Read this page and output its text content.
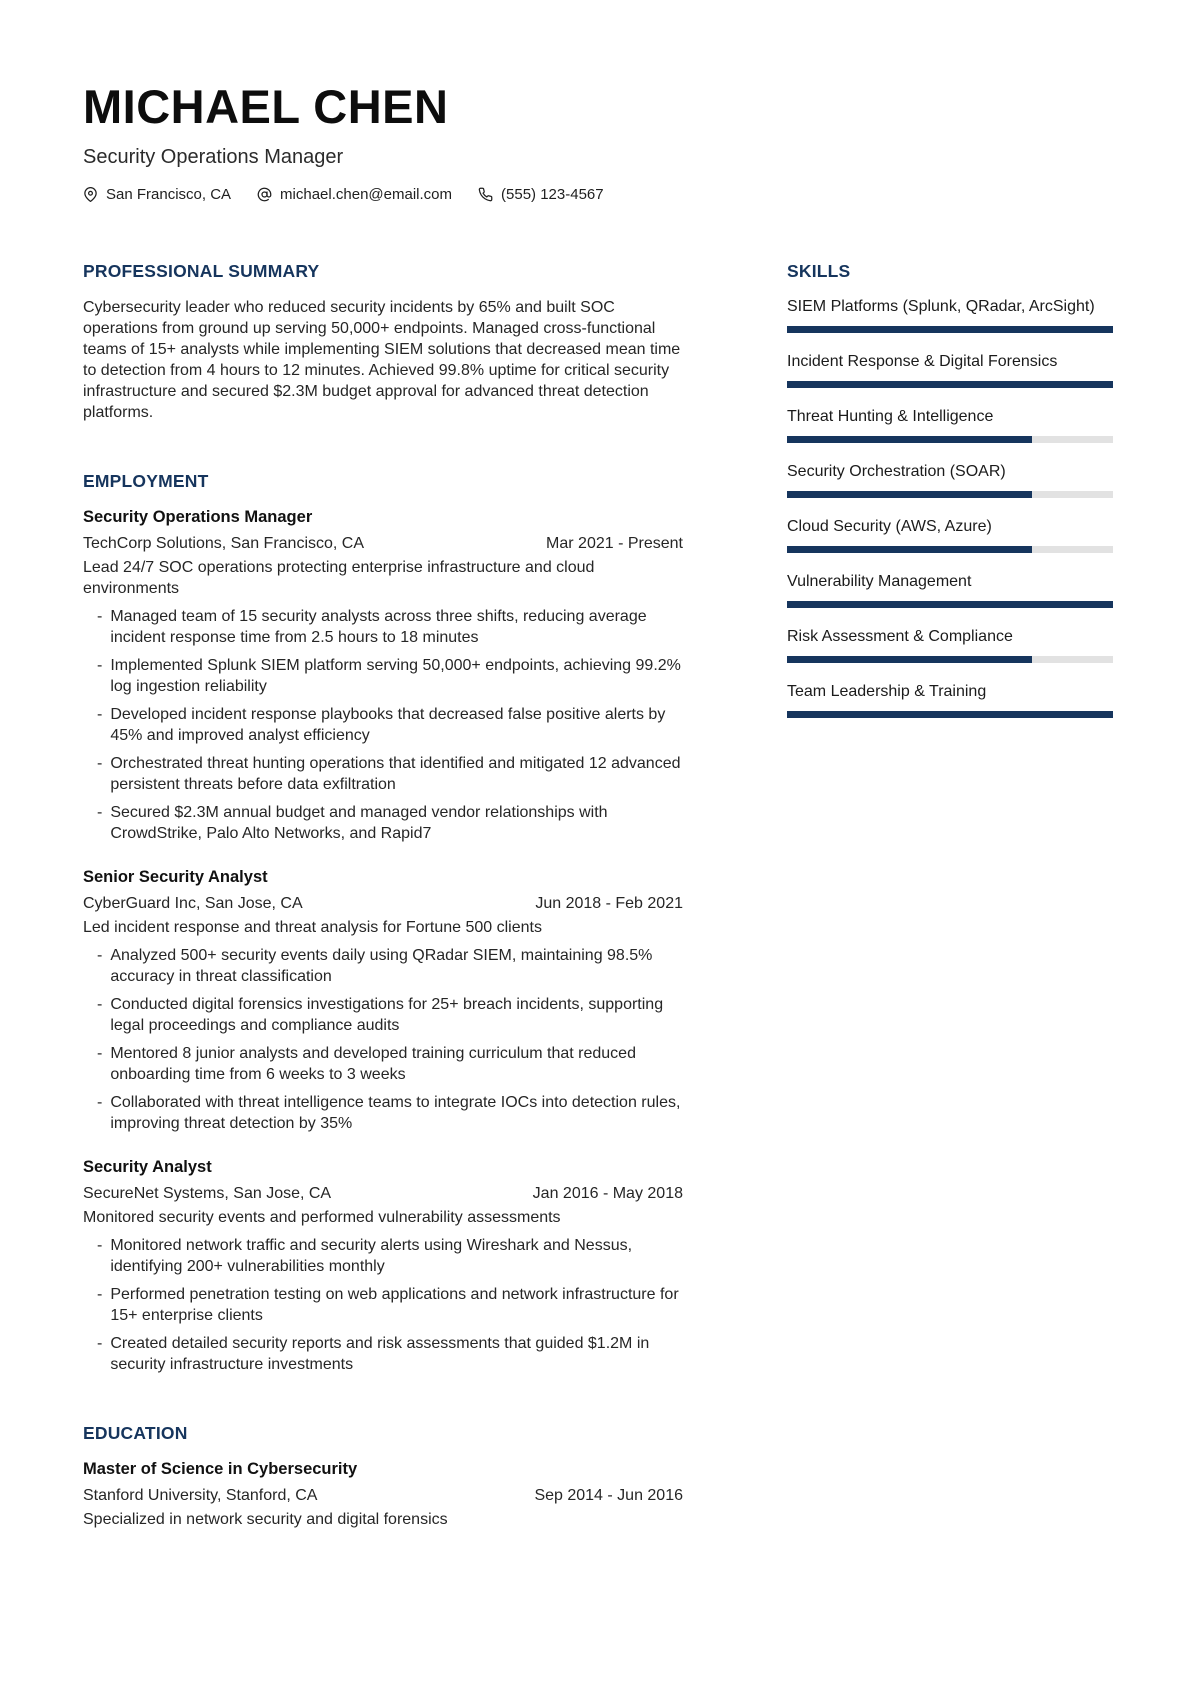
MICHAEL CHEN
Security Operations Manager
San Francisco, CA	michael.chen@email.com	(555) 123-4567
PROFESSIONAL SUMMARY

Cybersecurity leader who reduced security incidents by 65% and built SOC operations from ground up serving 50,000+ endpoints. Managed cross-functional teams of 15+ analysts while implementing SIEM solutions that decreased mean time to detection from 4 hours to 12 minutes. Achieved 99.8% uptime for critical security infrastructure and secured $2.3M budget approval for advanced threat detection platforms.

EMPLOYMENT
Security Operations Manager
TechCorp Solutions, San Francisco, CA	Mar 2021 - Present

Lead 24/7 SOC operations protecting enterprise infrastructure and cloud environments

- Managed team of 15 security analysts across three shifts, reducing average incident response time from 2.5 hours to 18 minutes
- Implemented Splunk SIEM platform serving 50,000+ endpoints, achieving 99.2% log ingestion reliability
- Developed incident response playbooks that decreased false positive alerts by 45% and improved analyst efficiency
- Orchestrated threat hunting operations that identified and mitigated 12 advanced persistent threats before data exfiltration
- Secured $2.3M annual budget and managed vendor relationships with CrowdStrike, Palo Alto Networks, and Rapid7
Senior Security Analyst
CyberGuard Inc, San Jose, CA	Jun 2018 - Feb 2021

Led incident response and threat analysis for Fortune 500 clients

- Analyzed 500+ security events daily using QRadar SIEM, maintaining 98.5% accuracy in threat classification
- Conducted digital forensics investigations for 25+ breach incidents, supporting legal proceedings and compliance audits
- Mentored 8 junior analysts and developed training curriculum that reduced onboarding time from 6 weeks to 3 weeks
- Collaborated with threat intelligence teams to integrate IOCs into detection rules, improving threat detection by 35%
Security Analyst
SecureNet Systems, San Jose, CA	Jan 2016 - May 2018

Monitored security events and performed vulnerability assessments

- Monitored network traffic and security alerts using Wireshark and Nessus, identifying 200+ vulnerabilities monthly
- Performed penetration testing on web applications and network infrastructure for 15+ enterprise clients
- Created detailed security reports and risk assessments that guided $1.2M in security infrastructure investments
EDUCATION
Master of Science in Cybersecurity
Stanford University, Stanford, CA	Sep 2014 - Jun 2016

Specialized in network security and digital forensics

SKILLS
SIEM Platforms (Splunk, QRadar, ArcSight)
Incident Response & Digital Forensics
Threat Hunting & Intelligence
Security Orchestration (SOAR)
Cloud Security (AWS, Azure)
Vulnerability Management
Risk Assessment & Compliance
Team Leadership & Training
